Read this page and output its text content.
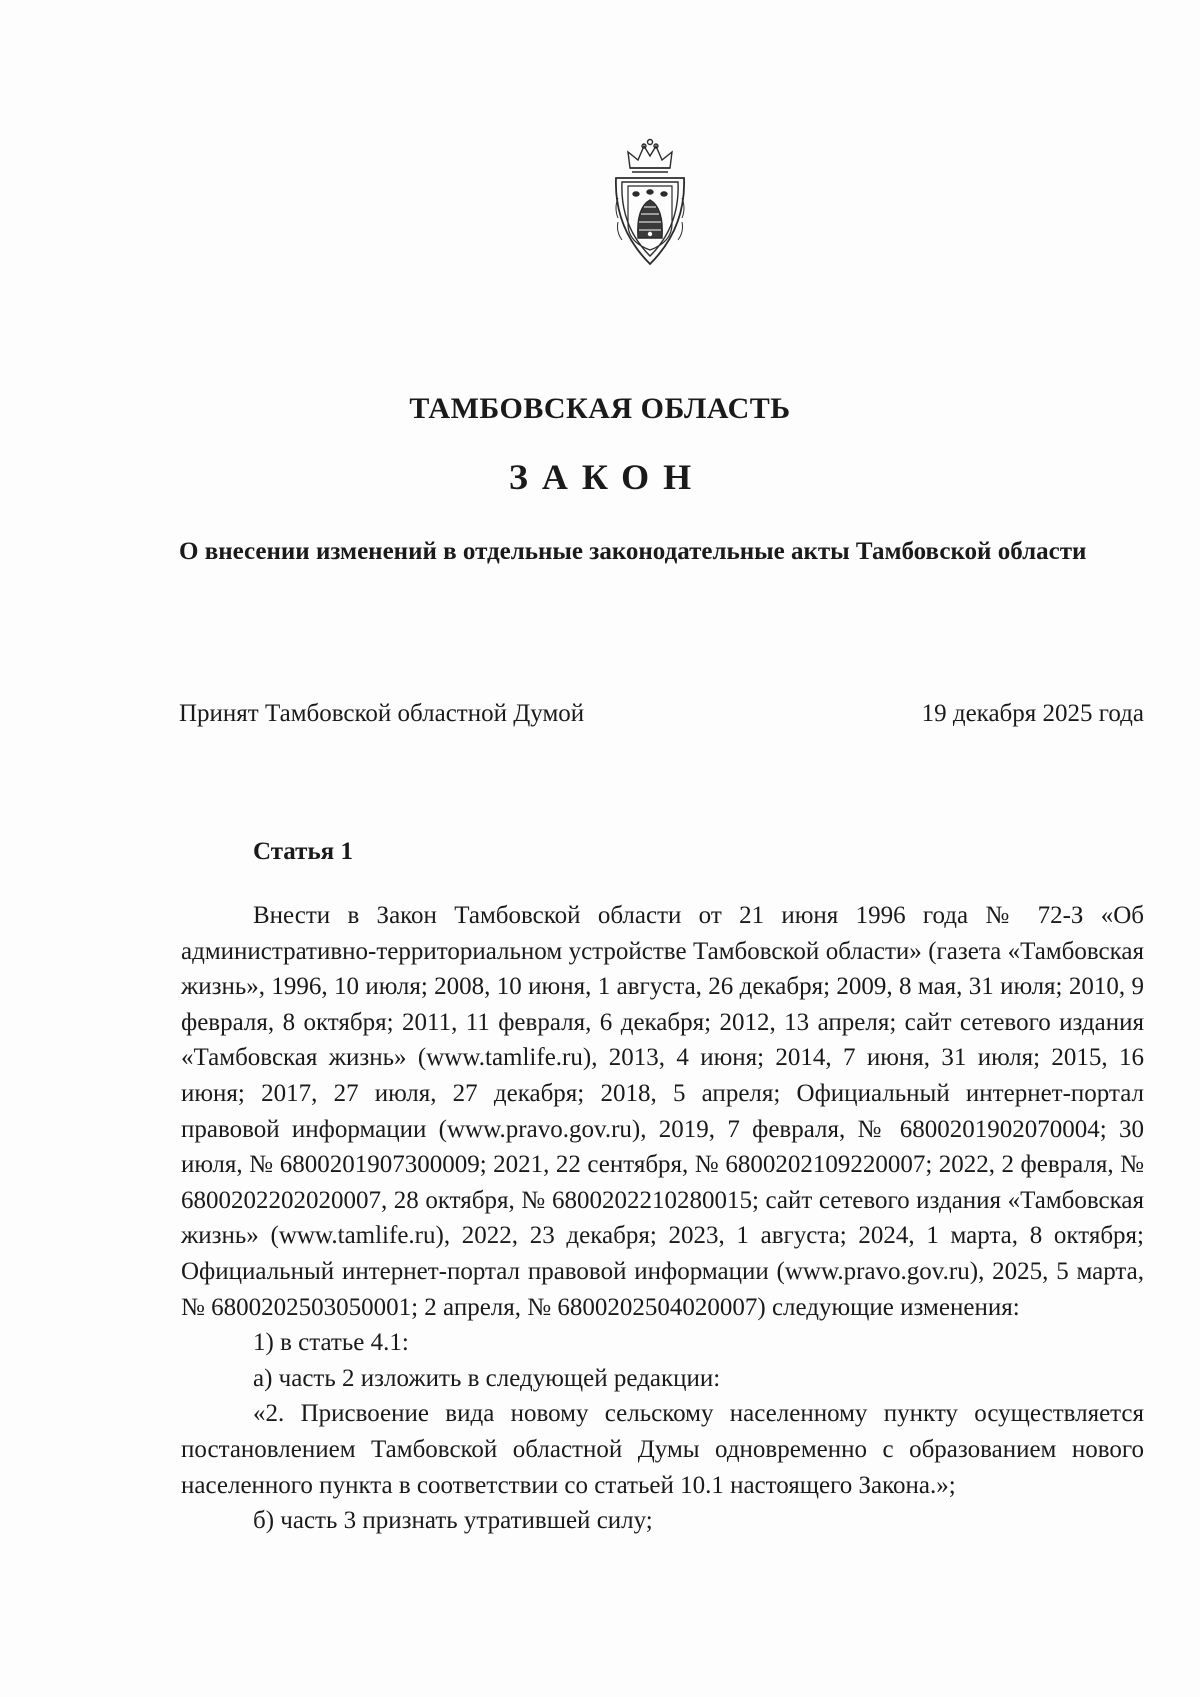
ТАМБОВСКАЯ ОБЛАСТЬ
ЗАКОН
О внесении изменений в отдельные законодательные акты Тамбовской области
Принят Тамбовской областной Думой	19 декабря 2025 года
Статья 1

Внести в Закон Тамбовской области от 21 июня 1996 года № 72-З «Об административно-территориальном устройстве Тамбовской области» (газета «Тамбовская жизнь», 1996, 10 июля; 2008, 10 июня, 1 августа, 26 декабря; 2009, 8 мая, 31 июля; 2010, 9 февраля, 8 октября; 2011, 11 февраля, 6 декабря; 2012, 13 апреля; сайт сетевого издания «Тамбовская жизнь» (www.tamlife.ru), 2013, 4 июня; 2014, 7 июня, 31 июля; 2015, 16 июня; 2017, 27 июля, 27 декабря; 2018, 5 апреля; Официальный интернет-портал правовой информации (www.pravo.gov.ru), 2019, 7 февраля, № 6800201902070004; 30 июля, № 6800201907300009; 2021, 22 сентября, № 6800202109220007; 2022, 2 февраля, № 6800202202020007, 28 октября, № 6800202210280015; сайт сетевого издания «Тамбовская жизнь» (www.tamlife.ru), 2022, 23 декабря; 2023, 1 августа; 2024, 1 марта, 8 октября; Официальный интернет-портал правовой информации (www.pravo.gov.ru), 2025, 5 марта, № 6800202503050001; 2 апреля, № 6800202504020007) следующие изменения:

1) в статье 4.1:

а) часть 2 изложить в следующей редакции:

«2. Присвоение вида новому сельскому населенному пункту осуществляется постановлением Тамбовской областной Думы одновременно с образованием нового населенного пункта в соответствии со статьей 10.1 настоящего Закона.»;

б) часть 3 признать утратившей силу;
